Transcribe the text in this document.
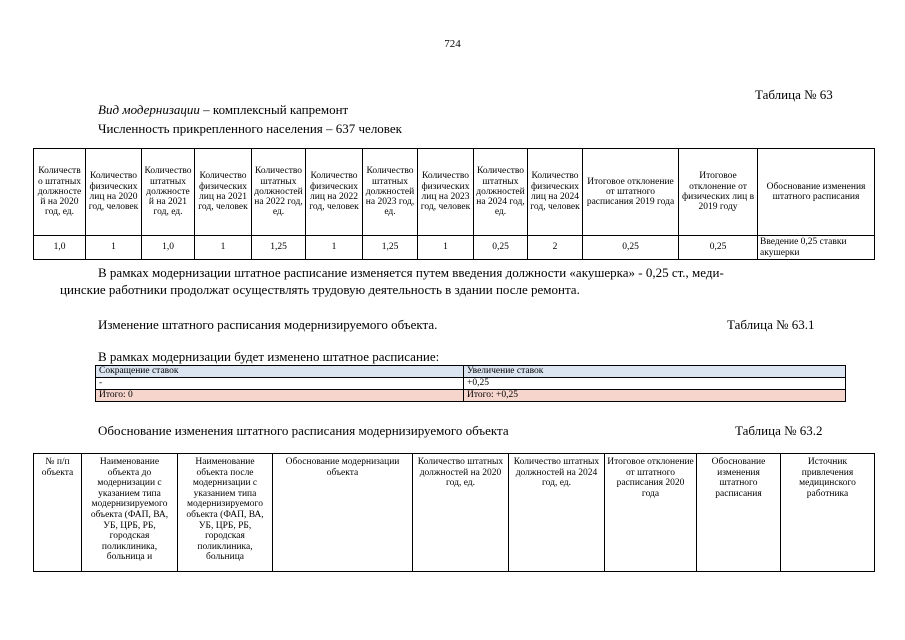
724
Таблица № 63
Вид модернизации – комплексный капремонт
Численность прикрепленного населения – 637 человек
Количество штатных должностей на 2020 год, ед.	Количество физических лиц на 2020 год, человек	Количество штатных должностей на 2021 год, ед.	Количество физических лиц на 2021 год, человек	Количество штатных должностей на 2022 год, ед.	Количество физических лиц на 2022 год, человек	Количество штатных должностей на 2023 год, ед.	Количество физических лиц на 2023 год, человек	Количество штатных должностей на 2024 год, ед.	Количество физических лиц на 2024 год, человек	Итоговое отклонение от штатного расписания 2019 года	Итоговое отклонение от физических лиц в 2019 году	Обоснование изменения штатного расписания
1,0	1	1,0	1	1,25	1	1,25	1	0,25	2	0,25	0,25	Введение 0,25 ставки акушерки
В рамках модернизации штатное расписание изменяется путем введения должности «акушерка» - 0,25 ст., меди-
цинские работники продолжат осуществлять трудовую деятельность в здании после ремонта.
Изменение штатного расписания модернизируемого объекта.	Таблица № 63.1
В рамках модернизации будет изменено штатное расписание:
Сокращение ставок	Увеличение ставок
-	+0,25
Итого: 0	Итого: +0,25
Обоснование изменения штатного расписания модернизируемого объекта	Таблица № 63.2
№ п/п объекта	Наименование объекта до модернизации с указанием типа модернизируемого объекта (ФАП, ВА, УБ, ЦРБ, РБ, городская поликлиника, больница и	Наименование объекта после модернизации с указанием типа модернизируемого объекта (ФАП, ВА, УБ, ЦРБ, РБ, городская поликлиника, больница	Обоснование модернизации объекта	Количество штатных должностей на 2020 год, ед.	Количество штатных должностей на 2024 год, ед.	Итоговое отклонение от штатного расписания 2020 года	Обоснование изменения штатного расписания	Источник привлечения медицинского работника
